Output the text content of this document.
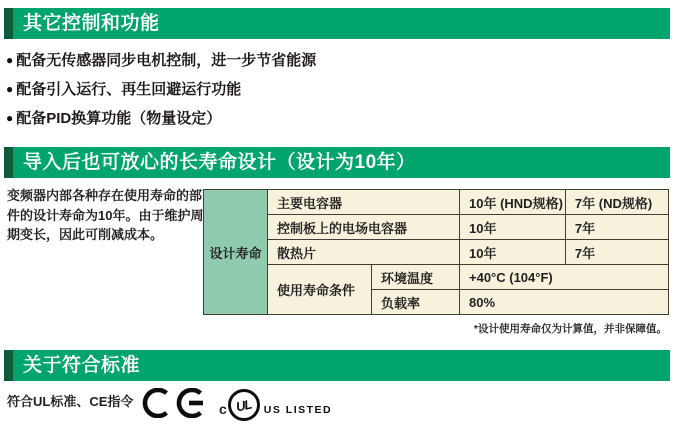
其它控制和功能
● 配备无传感器同步电机控制，进一步节省能源
● 配备引入运行、再生回避运行功能
● 配备PID换算功能（物量设定）
导入后也可放心的长寿命设计（设计为10年）
变频器内部各种存在使用寿命的部件的设计寿命为10年。由于维护周期变长，因此可削减成本。
设计寿命	主要电容器		10年 (HND规格)	7年 (ND规格)
	控制板上的电场电容器		10年	7年
	散热片		10年	7年
	使用寿命条件	环境温度	+40°C (104°F)	
		负载率	80%	
*设计使用寿命仅为计算值，并非保障值。
关于符合标准
符合UL标准、CE指令	c UL US LISTED
